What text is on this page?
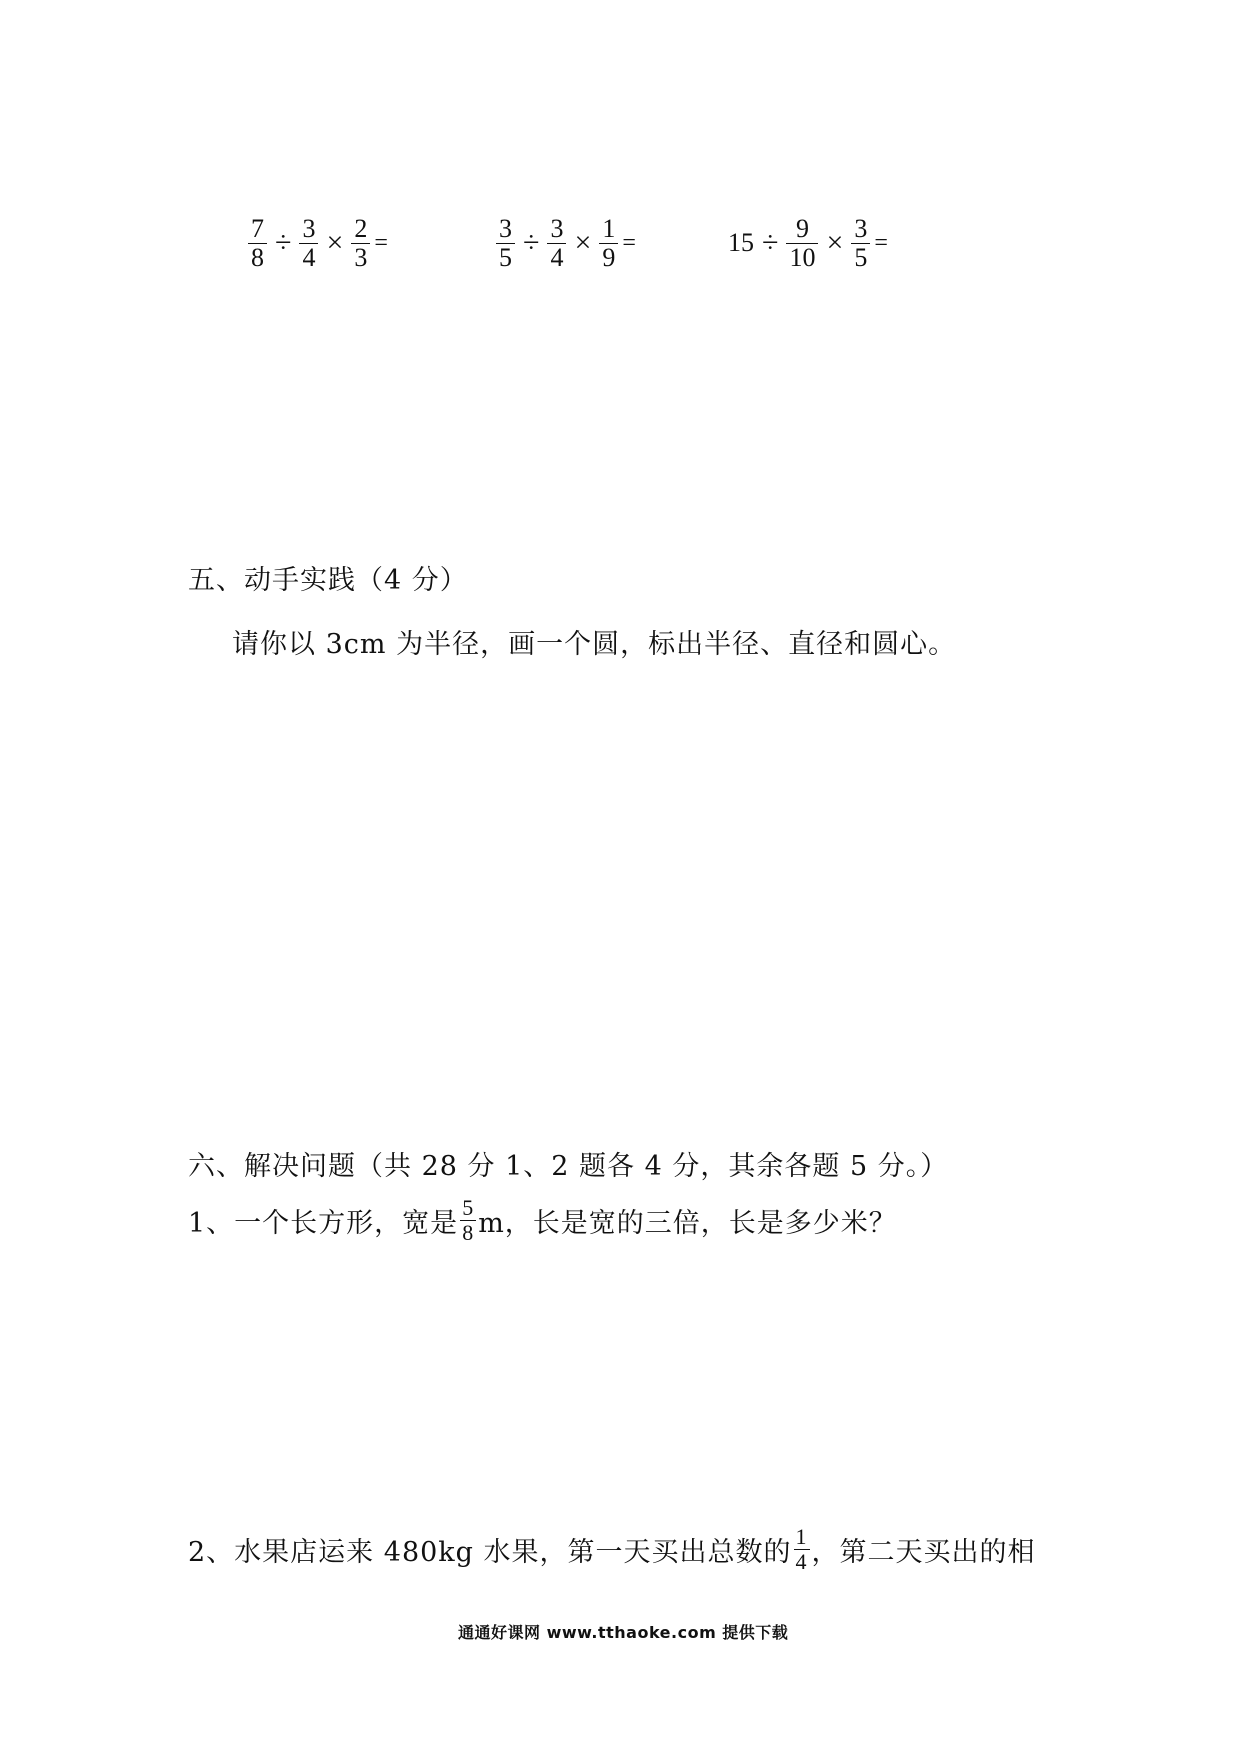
$\frac{7}{8} \div \frac{3}{4} \times \frac{2}{3}$ =	$\frac{3}{5} \div \frac{3}{4} \times \frac{1}{9}$ =	$15 \div \frac{9}{10} \times \frac{3}{5}$ =
五、动手实践（4 分）
请你以 3cm 为半径，画一个圆，标出半径、直径和圆心。
六、解决问题（共 28 分 1、2 题各 4 分，其余各题 5 分。）
1、一个长方形，宽是 $\frac{5}{8}$ m，长是宽的三倍，长是多少米？
2、水果店运来 480kg 水果，第一天买出总数的 $\frac{1}{4}$ ，第二天买出的相
通通好课网 www.tthaoke.com 提供下载
